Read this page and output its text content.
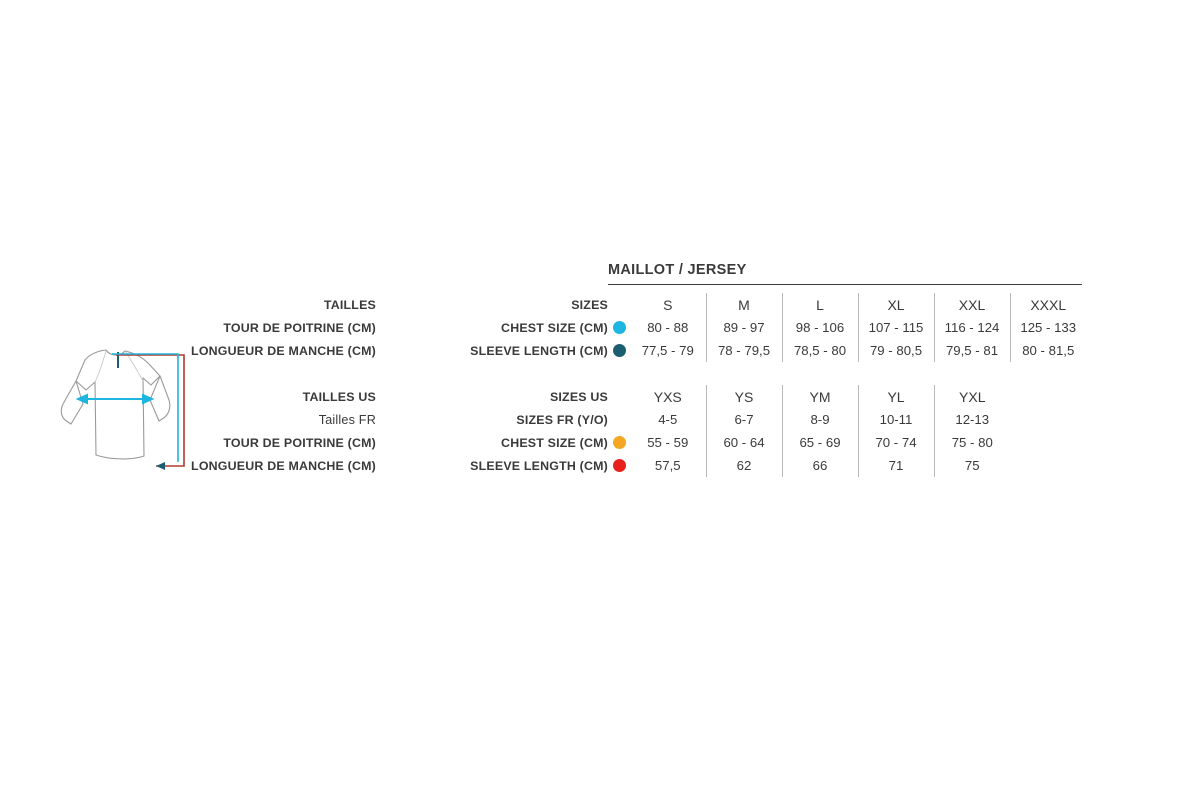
MAILLOT / JERSEY
TAILLES	SIZES		S	M	L	XL	XXL	XXXL
TOUR DE POITRINE (CM)	CHEST SIZE (CM)		80 - 88	89 - 97	98 - 106	107 - 115	116 - 124	125 - 133
LONGUEUR DE MANCHE (CM)	SLEEVE LENGTH (CM)		77,5 - 79	78 - 79,5	78,5 - 80	79 - 80,5	79,5 - 81	80 - 81,5

TAILLES US	SIZES US		YXS	YS	YM	YL	YXL	
Tailles FR	SIZES FR (Y/O)		4-5	6-7	8-9	10-11	12-13	
TOUR DE POITRINE (CM)	CHEST SIZE (CM)		55 - 59	60 - 64	65 - 69	70 - 74	75 - 80	
LONGUEUR DE MANCHE (CM)	SLEEVE LENGTH (CM)		57,5	62	66	71	75	
